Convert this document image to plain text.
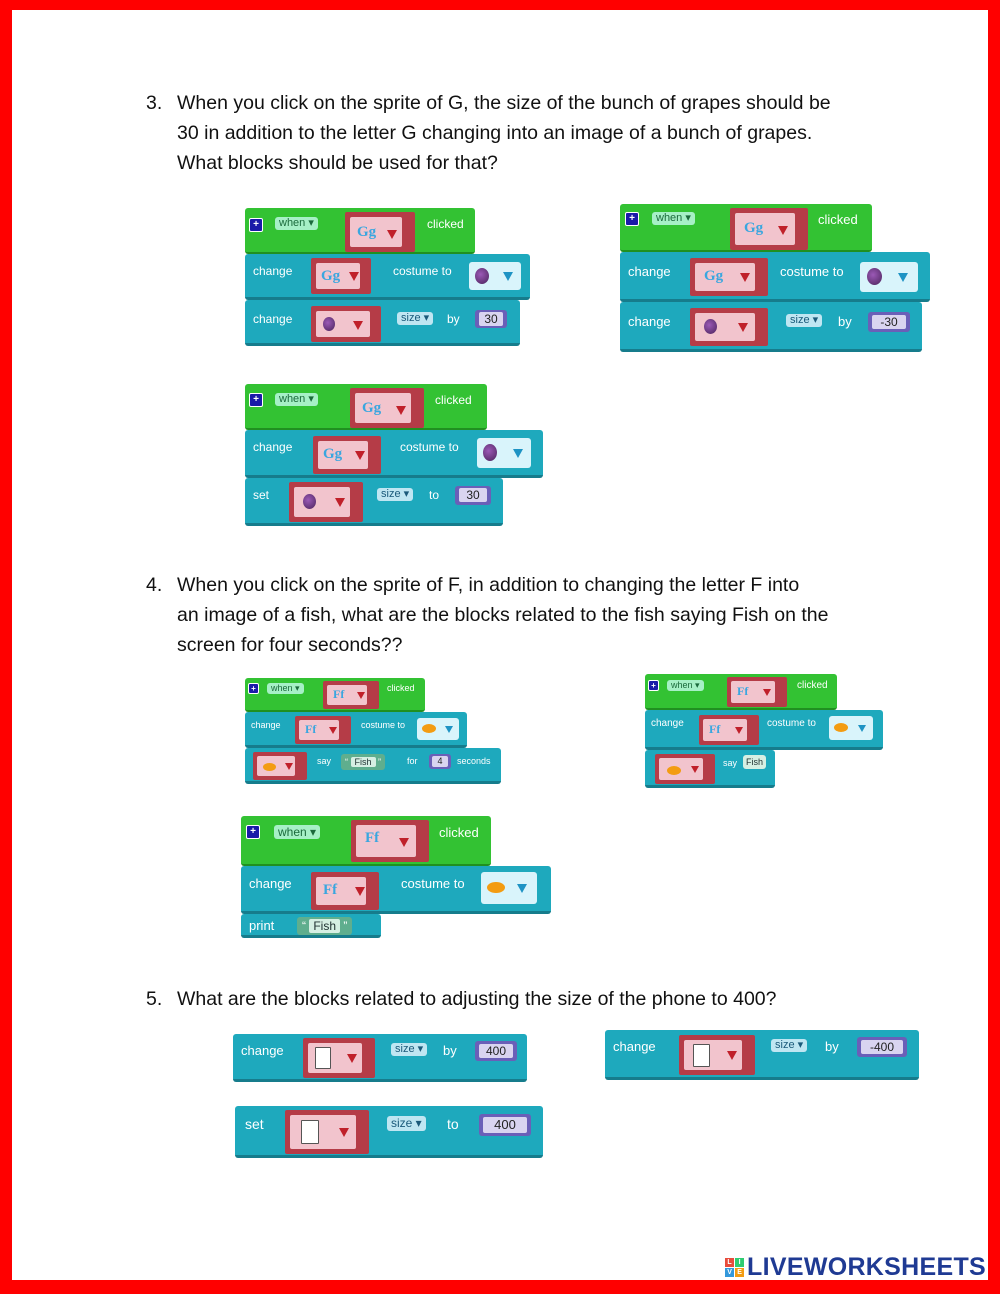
3. When you click on the sprite of G, the size of the bunch of grapes should be
30 in addition to the letter G changing into an image of a bunch of grapes.
What blocks should be used for that?
+	when ▾
Gg	clicked
change Gg	costume to
change	size ▾	by	30
+	when ▾
Gg
clicked
change Gg	costume to
change	size ▾	by	-30
+	when ▾
Gg	clicked
change Gg	costume to
set	size ▾	to	30
4. When you click on the sprite of F, in addition to changing the letter F into
an image of a fish, what are the blocks related to the fish saying Fish on the
screen for four seconds??
+	when ▾	Ff	clicked
change Ff	costume to
say	“ Fish ”	for	4	seconds
+	when ▾	Ff	clicked
change Ff	costume to
say Fish
+	when ▾	Ff	clicked
change Ff	costume to
print	“ Fish ”
5. What are the blocks related to adjusting the size of the phone to 400?
change	size ▾	by	400	change	size ▾	by	-400
set	size ▾ to	400
L I
V E LIVEWORKSHEETS
